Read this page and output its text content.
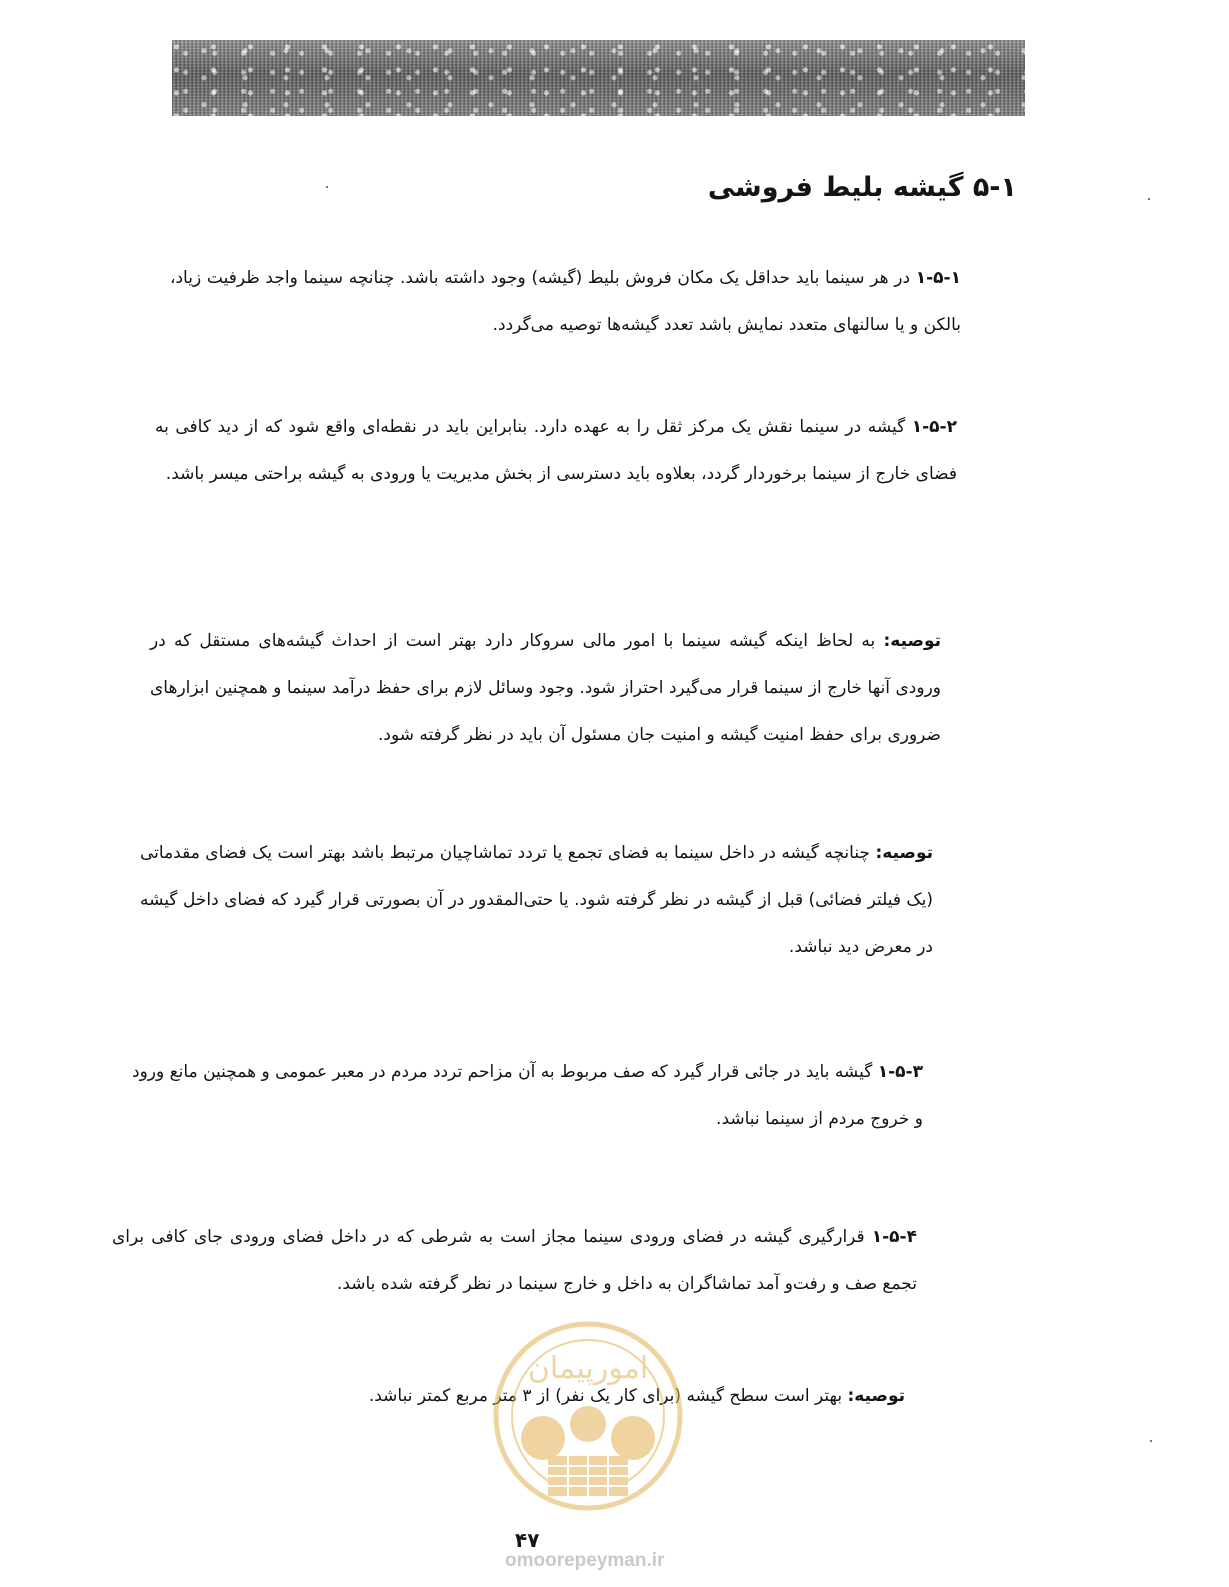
۵-۱ گیشه بلیط فروشی

۱-۵-۱ در هر سینما باید حداقل یک مکان فروش بلیط (گیشه) وجود داشته باشد. چنانچه سینما واجد ظرفیت زیاد، بالکن و یا سالنهای متعدد نمایش باشد تعدد گیشه‌ها توصیه می‌گردد.

۱-۵-۲ گیشه در سینما نقش یک مرکز ثقل را به عهده دارد. بنابراین باید در نقطه‌ای واقع شود که از دید کافی به فضای خارج از سینما برخوردار گردد، بعلاوه باید دسترسی از بخش مدیریت یا ورودی به گیشه براحتی میسر باشد.

توصیه: به لحاظ اینکه گیشه سینما با امور مالی سروکار دارد بهتر است از احداث گیشه‌های مستقل که در ورودی آنها خارج از سینما قرار می‌گیرد احتراز شود. وجود وسائل لازم برای حفظ درآمد سینما و همچنین ابزارهای ضروری برای حفظ امنیت گیشه و امنیت جان مسئول آن باید در نظر گرفته شود.

توصیه: چنانچه گیشه در داخل سینما به فضای تجمع یا تردد تماشاچیان مرتبط باشد بهتر است یک فضای مقدماتی (یک فیلتر فضائی) قبل از گیشه در نظر گرفته شود. یا حتی‌المقدور در آن بصورتی قرار گیرد که فضای داخل گیشه در معرض دید نباشد.

۱-۵-۳ گیشه باید در جائی قرار گیرد که صف مربوط به آن مزاحم تردد مردم در معبر عمومی و همچنین مانع ورود و خروج مردم از سینما نباشد.

۱-۵-۴ قرارگیری گیشه در فضای ورودی سینما مجاز است به شرطی که در داخل فضای ورودی جای کافی برای تجمع صف و رفت‌و آمد تماشاگران به داخل و خارج سینما در نظر گرفته شده باشد.

توصیه: بهتر است سطح گیشه (برای کار یک نفر) از ۳ متر مربع کمتر نباشد.

امورپیمان
۴۷
omoorepeyman.ir
